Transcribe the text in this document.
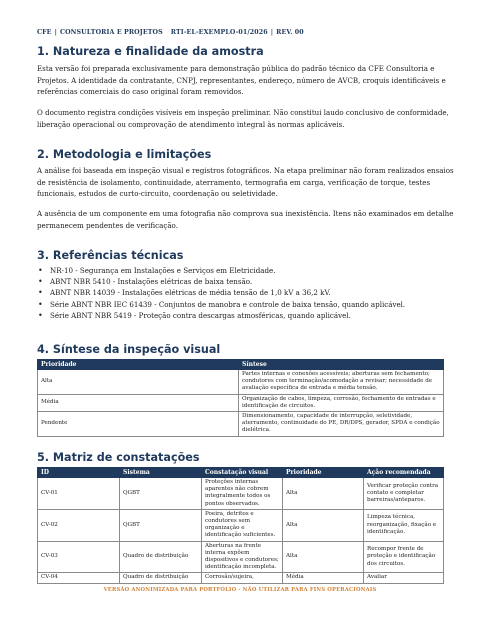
CFE | CONSULTORIA E PROJETOS RTI-EL-EXEMPLO-01/2026 | REV. 00
1. Natureza e finalidade da amostra

Esta versão foi preparada exclusivamente para demonstração pública do padrão técnico da CFE Consultoria e Projetos. A identidade da contratante, CNPJ, representantes, endereço, número de AVCB, croquis identificáveis e referências comerciais do caso original foram removidos.

O documento registra condições visíveis em inspeção preliminar. Não constitui laudo conclusivo de conformidade, liberação operacional ou comprovação de atendimento integral às normas aplicáveis.

2. Metodologia e limitações

A análise foi baseada em inspeção visual e registros fotográficos. Na etapa preliminar não foram realizados ensaios de resistência de isolamento, continuidade, aterramento, termografia em carga, verificação de torque, testes funcionais, estudos de curto-circuito, coordenação ou seletividade.

A ausência de um componente em uma fotografia não comprova sua inexistência. Itens não examinados em detalhe permanecem pendentes de verificação.

3. Referências técnicas
• NR-10 - Segurança em Instalações e Serviços em Eletricidade.
• ABNT NBR 5410 - Instalações elétricas de baixa tensão.
• ABNT NBR 14039 - Instalações elétricas de média tensão de 1,0 kV a 36,2 kV.
• Série ABNT NBR IEC 61439 - Conjuntos de manobra e controle de baixa tensão, quando aplicável.
• Série ABNT NBR 5419 - Proteção contra descargas atmosféricas, quando aplicável.
4. Síntese da inspeção visual
Prioridade	Síntese
Alta	Partes internas e conexões acessíveis; aberturas sem fechamento; condutores com terminação/acomodação a revisar; necessidade de avaliação específica de entrada e média tensão.
Média	Organização de cabos, limpeza, corrosão, fechamento de entradas e identificação de circuitos.
Pendente	Dimensionamento, capacidade de interrupção, seletividade, aterramento, continuidade do PE, DR/DPS, gerador, SPDA e condição dielétrica.
5. Matriz de constatações
ID	Sistema	Constatação visual	Prioridade	Ação recomendada
CV-01	QGBT	Proteções internas aparentes não cobrem integralmente todos os pontos observados.	Alta	Verificar proteção contra contato e completar barreiras/anteparos.
CV-02	QGBT	Poeira, detritos e condutores sem organização e identificação suficientes.	Alta	Limpeza técnica, reorganização, fixação e identificação.
CV-03	Quadro de distribuição	Aberturas na frente interna expõem dispositivos e condutores; identificação incompleta.	Alta	Recompor frente de proteção e identificação dos circuitos.
CV-04	Quadro de distribuição	Corrosão/sujeira,	Média	Avaliar
VERSÃO ANONIMIZADA PARA PORTFÓLIO - NÃO UTILIZAR PARA FINS OPERACIONAIS
